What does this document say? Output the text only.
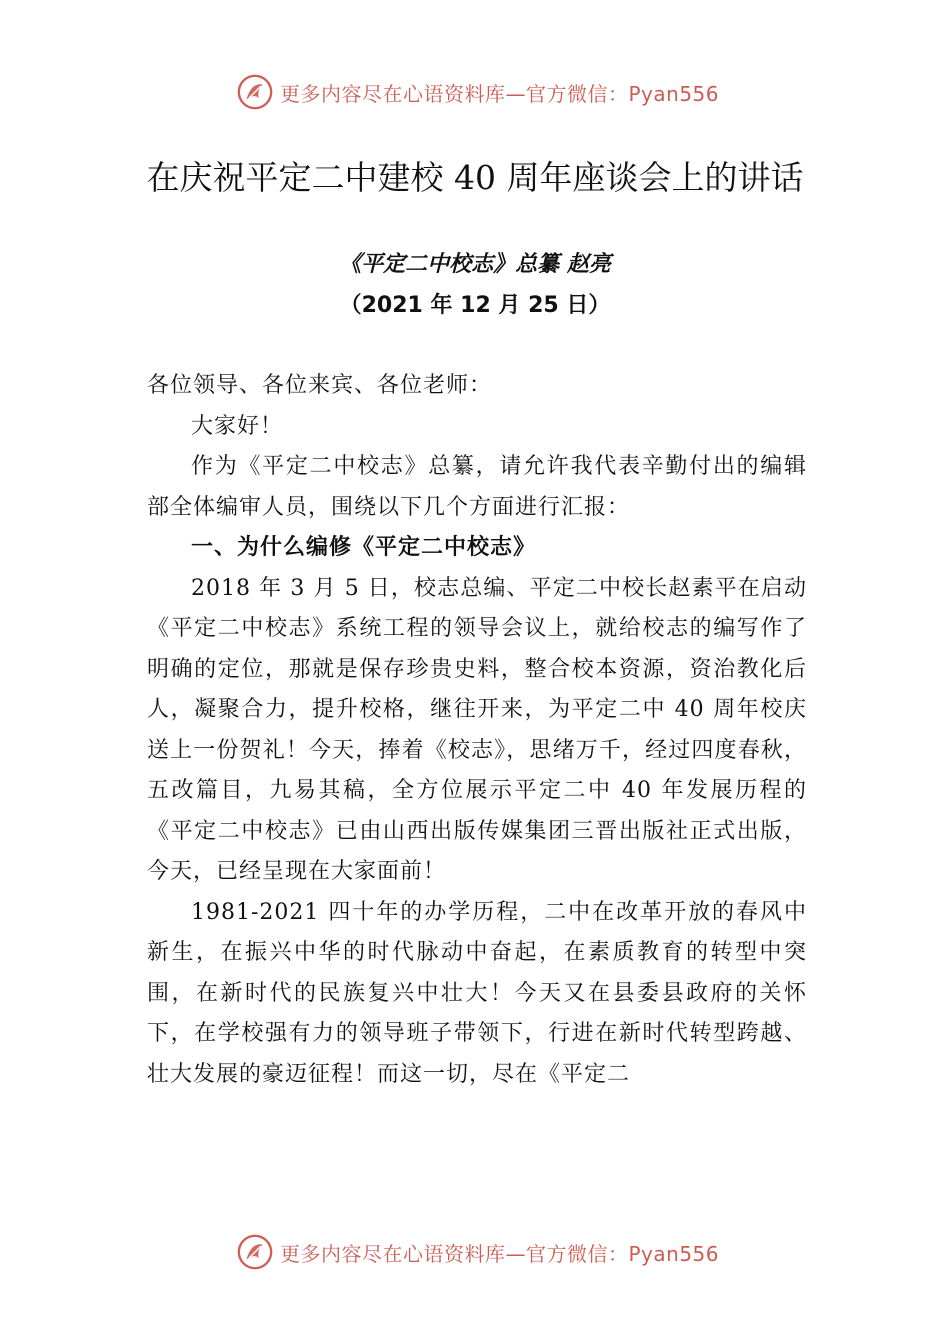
更多内容尽在心语资料库—官方微信：Pyan556
在庆祝平定二中建校 40 周年座谈会上的讲话
《平定二中校志》总纂 赵亮
（2021 年 12 月 25 日）

各位领导、各位来宾、各位老师：

大家好！

作为《平定二中校志》总纂，请允许我代表辛勤付出的编辑部全体编审人员，围绕以下几个方面进行汇报：

一、为什么编修《平定二中校志》

2018 年 3 月 5 日，校志总编、平定二中校长赵素平在启动《平定二中校志》系统工程的领导会议上，就给校志的编写作了明确的定位，那就是保存珍贵史料，整合校本资源，资治教化后人，凝聚合力，提升校格，继往开来，为平定二中 40 周年校庆送上一份贺礼！今天，捧着《校志》，思绪万千，经过四度春秋，五改篇目，九易其稿，全方位展示平定二中 40 年发展历程的《平定二中校志》已由山西出版传媒集团三晋出版社正式出版，今天，已经呈现在大家面前！

1981-2021 四十年的办学历程，二中在改革开放的春风中新生，在振兴中华的时代脉动中奋起，在素质教育的转型中突围，在新时代的民族复兴中壮大！今天又在县委县政府的关怀下，在学校强有力的领导班子带领下，行进在新时代转型跨越、壮大发展的豪迈征程！而这一切，尽在《平定二

更多内容尽在心语资料库—官方微信：Pyan556
